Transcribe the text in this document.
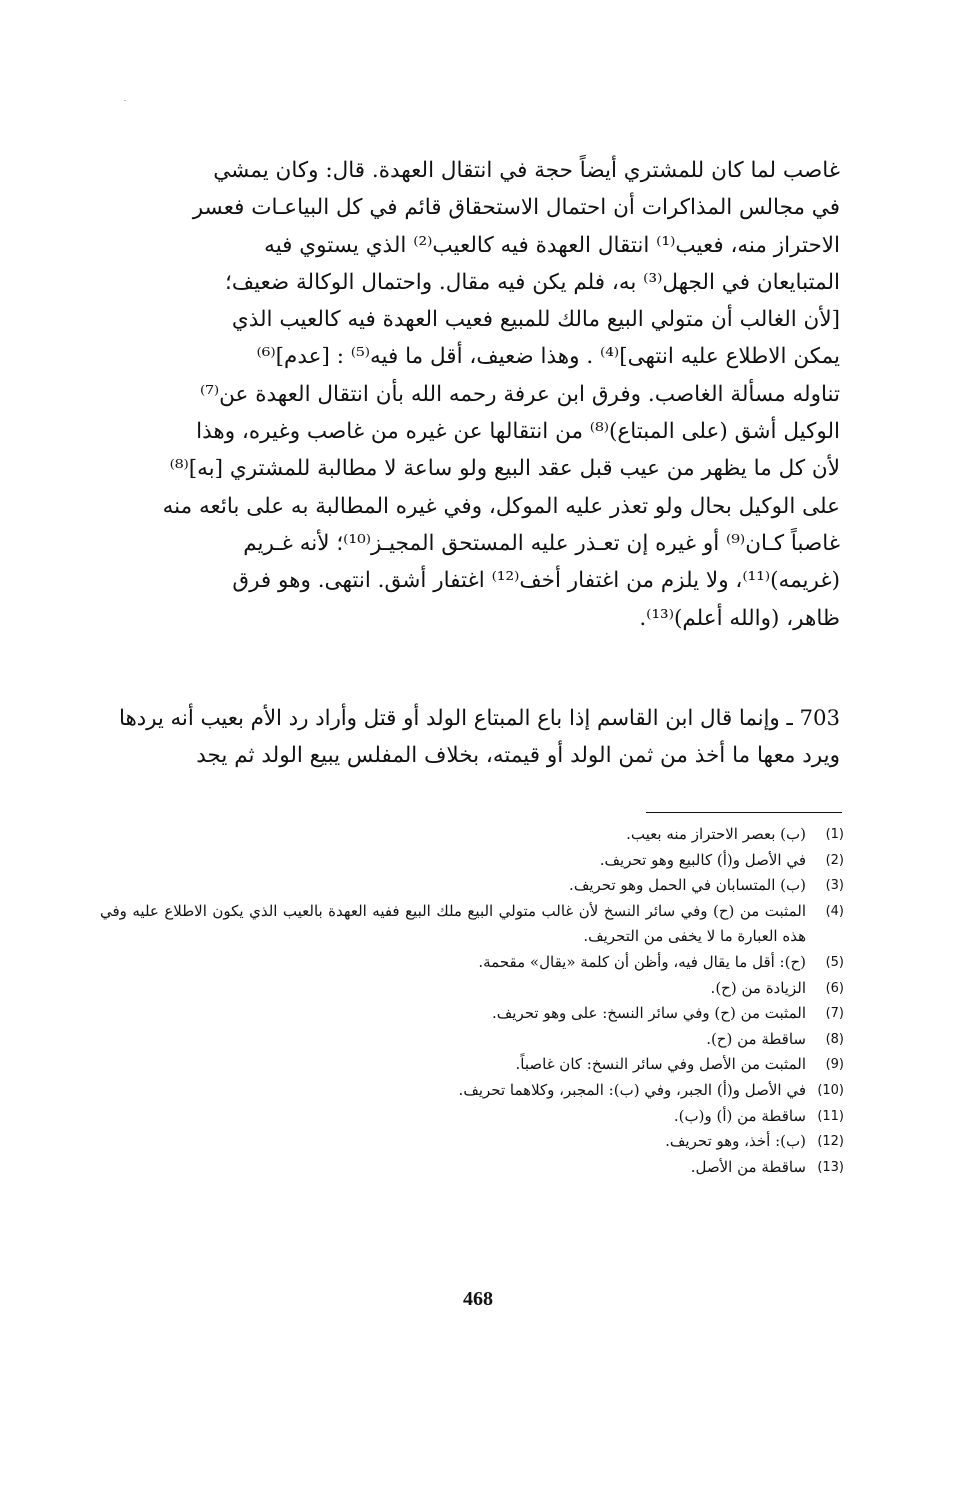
غاصب لما كان للمشتري أيضاً حجة في انتقال العهدة. قال: وكان يمشي
في مجالس المذاكرات أن احتمال الاستحقاق قائم في كل البياعـات فعسر
الاحتراز منه، فعيب⁽¹⁾ انتقال العهدة فيه كالعيب⁽²⁾ الذي يستوي فيه
المتبايعان في الجهل⁽³⁾ به، فلم يكن فيه مقال. واحتمال الوكالة ضعيف؛
[لأن الغالب أن متولي البيع مالك للمبيع فعيب العهدة فيه كالعيب الذي
يمكن الاطلاع عليه انتهى]⁽⁴⁾ . وهذا ضعيف، أقل ما فيه⁽⁵⁾ : [عدم]⁽⁶⁾
تناوله مسألة الغاصب. وفرق ابن عرفة رحمه الله بأن انتقال العهدة عن⁽⁷⁾
الوكيل أشق (على المبتاع)⁽⁸⁾ من انتقالها عن غيره من غاصب وغيره، وهذا
لأن كل ما يظهر من عيب قبل عقد البيع ولو ساعة لا مطالبة للمشتري [به]⁽⁸⁾
على الوكيل بحال ولو تعذر عليه الموكل، وفي غيره المطالبة به على بائعه منه
غاصباً كـان⁽⁹⁾ أو غيره إن تعـذر عليه المستحق المجيـز⁽¹⁰⁾؛ لأنه غـريم
(غريمه)⁽¹¹⁾، ولا يلزم من اغتفار أخف⁽¹²⁾ اغتفار أشق. انتهى. وهو فرق
ظاهر، (والله أعلم)⁽¹³⁾.
703 ـ وإنما قال ابن القاسم إذا باع المبتاع الولد أو قتل وأراد رد الأم بعيب أنه يردها
ويرد معها ما أخذ من ثمن الولد أو قيمته، بخلاف المفلس يبيع الولد ثم يجد
(1)
(ب) بعصر الاحتراز منه بعيب.
(2)
في الأصل و(أ) كالبيع وهو تحريف.
(3)
(ب) المتسابان في الحمل وهو تحريف.
(4)
المثبت من (ح) وفي سائر النسخ لأن غالب متولي البيع ملك البيع ففيه العهدة بالعيب الذي يكون الاطلاع عليه وفي هذه العبارة ما لا يخفى من التحريف.
(5)
(ح): أقل ما يقال فيه، وأظن أن كلمة «يقال» مقحمة.
(6)
الزيادة من (ح).
(7)
المثبت من (ح) وفي سائر النسخ: على وهو تحريف.
(8)
ساقطة من (ح).
(9)
المثبت من الأصل وفي سائر النسخ: كان غاصباً.
(10)
في الأصل و(أ) الجبر، وفي (ب): المجبر، وكلاهما تحريف.
(11)
ساقطة من (أ) و(ب).
(12)
(ب): أخذ، وهو تحريف.
(13)
ساقطة من الأصل.
468
